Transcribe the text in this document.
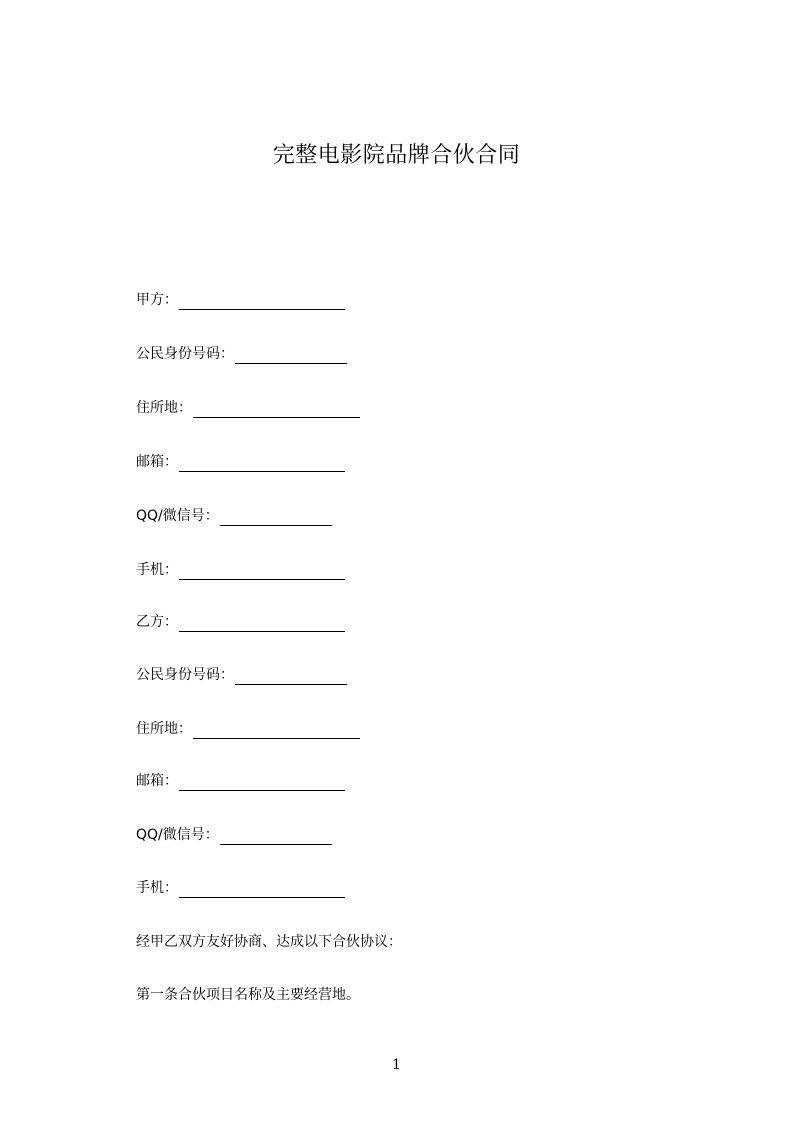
完整电影院品牌合伙合同
甲方：
公民身份号码：
住所地：
邮箱：
QQ/微信号：
手机：
乙方：
公民身份号码：
住所地：
邮箱：
QQ/微信号：
手机：
经甲乙双方友好协商、达成以下合伙协议：
第一条合伙项目名称及主要经营地。
1
